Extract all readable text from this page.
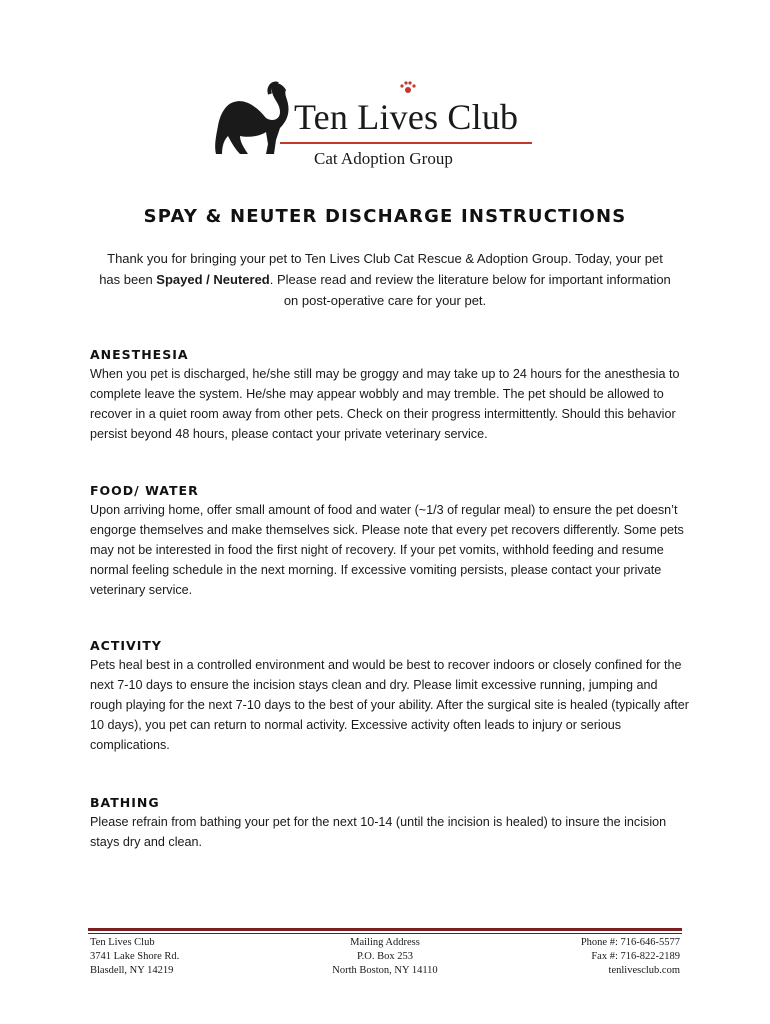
Ten Lives Club
Cat Adoption Group
SPAY & NEUTER DISCHARGE INSTRUCTIONS
Thank you for bringing your pet to Ten Lives Club Cat Rescue & Adoption Group. Today, your pet has been Spayed / Neutered. Please read and review the literature below for important information on post-operative care for your pet.
ANESTHESIA

When you pet is discharged, he/she still may be groggy and may take up to 24 hours for the anesthesia to complete leave the system. He/she may appear wobbly and may tremble. The pet should be allowed to recover in a quiet room away from other pets. Check on their progress intermittently. Should this behavior persist beyond 48 hours, please contact your private veterinary service.

FOOD/ WATER

Upon arriving home, offer small amount of food and water (~1/3 of regular meal) to ensure the pet doesn’t engorge themselves and make themselves sick. Please note that every pet recovers differently. Some pets may not be interested in food the first night of recovery. If your pet vomits, withhold feeding and resume normal feeling schedule in the next morning. If excessive vomiting persists, please contact your private veterinary service.

ACTIVITY

Pets heal best in a controlled environment and would be best to recover indoors or closely confined for the next 7-10 days to ensure the incision stays clean and dry. Please limit excessive running, jumping and rough playing for the next 7-10 days to the best of your ability. After the surgical site is healed (typically after 10 days), you pet can return to normal activity. Excessive activity often leads to injury or serious complications.

BATHING

Please refrain from bathing your pet for the next 10-14 (until the incision is healed) to insure the incision stays dry and clean.

Ten Lives Club
3741 Lake Shore Rd.
Blasdell, NY 14219
Mailing Address
P.O. Box 253
North Boston, NY 14110
Phone #: 716-646-5577
Fax #: 716-822-2189
tenlivesclub.com
